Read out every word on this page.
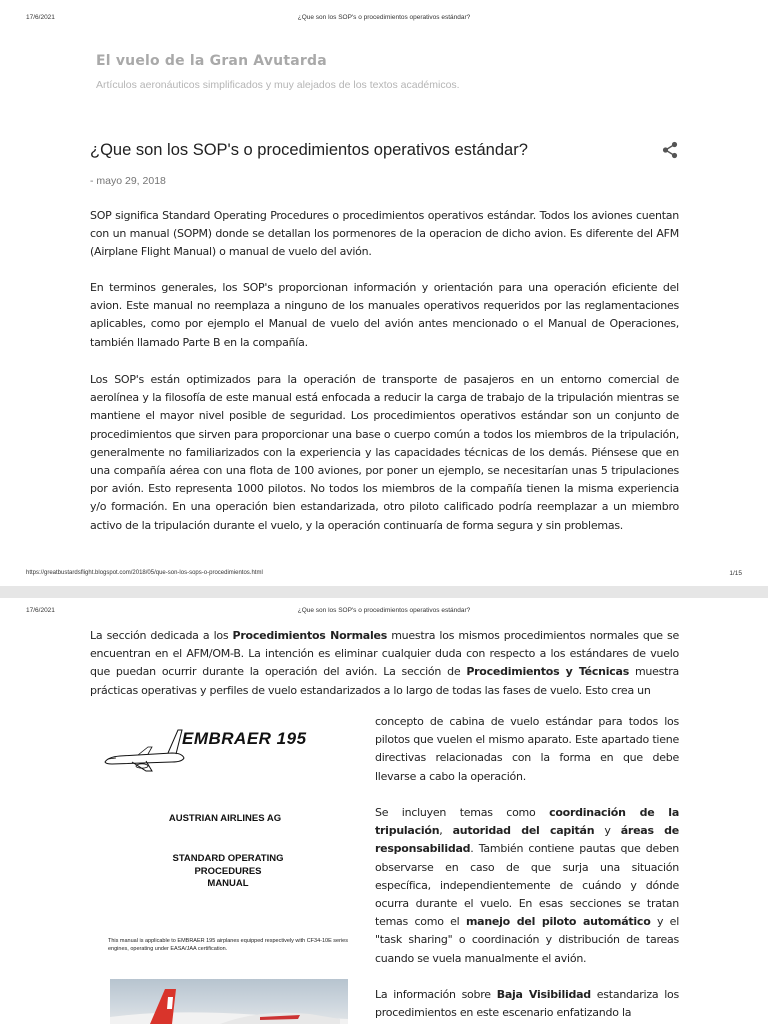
17/6/2021	¿Que son los SOP's o procedimientos operativos estándar?
El vuelo de la Gran Avutarda
Artículos aeronáuticos simplificados y muy alejados de los textos académicos.
¿Que son los SOP's o procedimientos operativos estándar?
- mayo 29, 2018

SOP significa Standard Operating Procedures o procedimientos operativos estándar. Todos los aviones cuentan con un manual (SOPM) donde se detallan los pormenores de la operacion de dicho avion. Es diferente del AFM (Airplane Flight Manual) o manual de vuelo del avión.

En terminos generales, los SOP's proporcionan información y orientación para una operación eficiente del avion. Este manual no reemplaza a ninguno de los manuales operativos requeridos por las reglamentaciones aplicables, como por ejemplo el Manual de vuelo del avión antes mencionado o el Manual de Operaciones, también llamado Parte B en la compañía.

Los SOP's están optimizados para la operación de transporte de pasajeros en un entorno comercial de aerolínea y la filosofía de este manual está enfocada a reducir la carga de trabajo de la tripulación mientras se mantiene el mayor nivel posible de seguridad. Los procedimientos operativos estándar son un conjunto de procedimientos que sirven para proporcionar una base o cuerpo común a todos los miembros de la tripulación, generalmente no familiarizados con la experiencia y las capacidades técnicas de los demás. Piénsese que en una compañía aérea con una flota de 100 aviones, por poner un ejemplo, se necesitarían unas 5 tripulaciones por avión. Esto representa 1000 pilotos. No todos los miembros de la compañía tienen la misma experiencia y/o formación. En una operación bien estandarizada, otro piloto calificado podría reemplazar a un miembro activo de la tripulación durante el vuelo, y la operación continuaría de forma segura y sin problemas.

https://greatbustardsflight.blogspot.com/2018/05/que-son-los-sops-o-procedimientos.html	1/15
17/6/2021	¿Que son los SOP's o procedimientos operativos estándar?

La sección dedicada a los Procedimientos Normales muestra los mismos procedimientos normales que se encuentran en el AFM/OM-B. La intención es eliminar cualquier duda con respecto a los estándares de vuelo que puedan ocurrir durante la operación del avión. La sección de Procedimientos y Técnicas muestra prácticas operativas y perfiles de vuelo estandarizados a lo largo de todas las fases de vuelo. Esto crea un

EMBRAER 195
AUSTRIAN AIRLINES AG
STANDARD OPERATING
PROCEDURES
MANUAL
This manual is applicable to EMBRAER 195 airplanes equipped respectively with CF34-10E series engines, operating under EASA/JAA certification.

concepto de cabina de vuelo estándar para todos los pilotos que vuelen el mismo aparato. Este apartado tiene directivas relacionadas con la forma en que debe llevarse a cabo la operación.

Se incluyen temas como coordinación de la tripulación, autoridad del capitán y áreas de responsabilidad. También contiene pautas que deben observarse en caso de que surja una situación específica, independientemente de cuándo y dónde ocurra durante el vuelo. En esas secciones se tratan temas como el manejo del piloto automático y el "task sharing" o coordinación y distribución de tareas cuando se vuela manualmente el avión.

La información sobre Baja Visibilidad estandariza los procedimientos en este escenario enfatizando la
